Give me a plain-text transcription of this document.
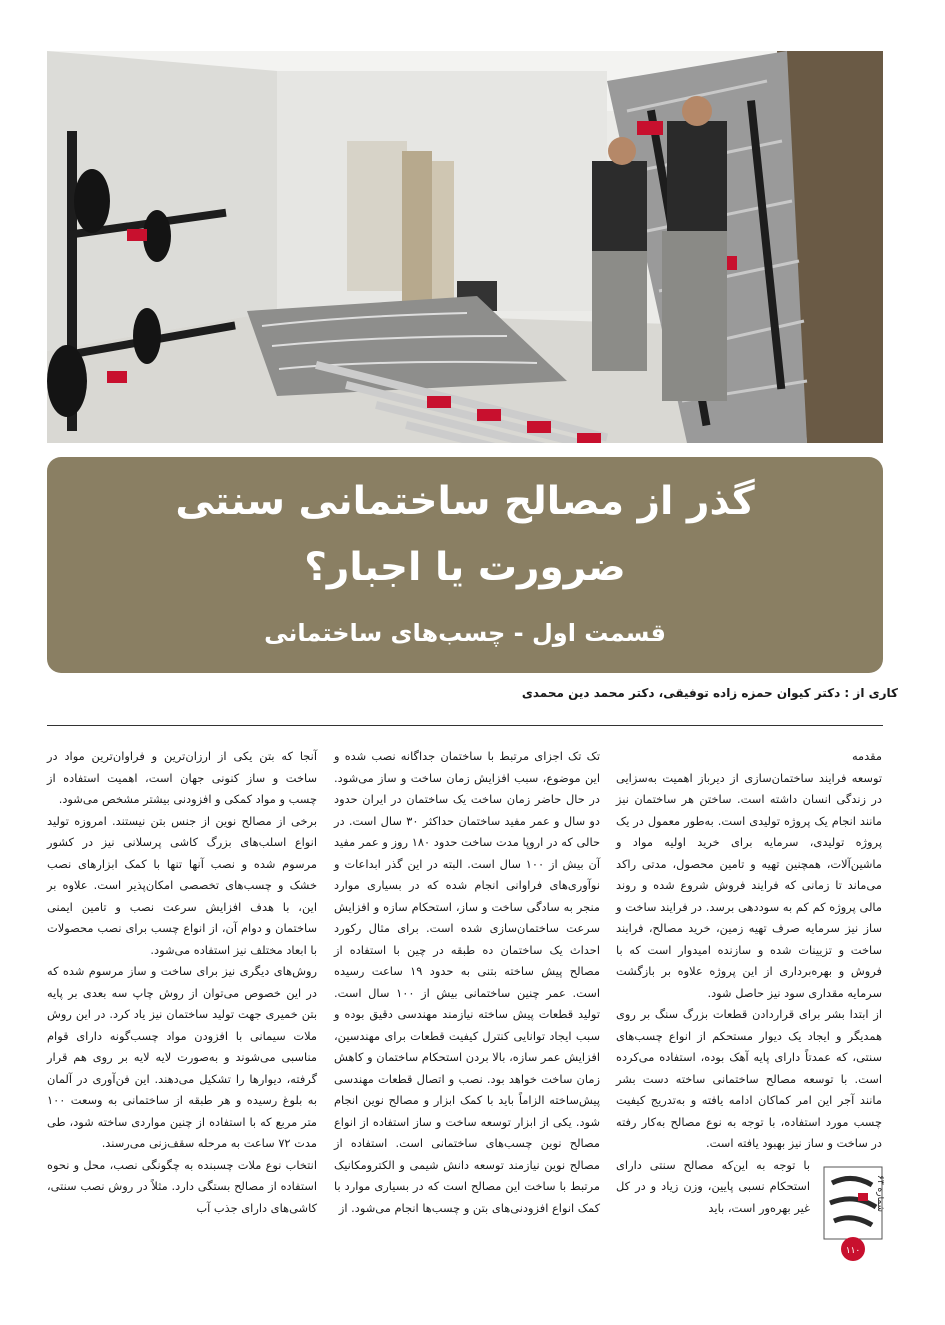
گذر از مصالح ساختمانی سنتی
ضرورت یا اجبار؟
قسمت اول - چسب‌های ساختمانی
کاری از : دکتر کیوان حمزه زاده توفیقی، دکتر محمد دین محمدی

مقدمه

توسعه فرایند ساختمان‌سازی از دیرباز اهمیت به‌سزایی در زندگی انسان داشته است. ساختن هر ساختمان نیز مانند انجام یک پروژه تولیدی است. به‌طور معمول در یک پروژه تولیدی، سرمایه برای خرید اولیه مواد و ماشین‌آلات، همچنین تهیه و تامین محصول، مدتی راکد می‌ماند تا زمانی که فرایند فروش شروع شده و روند مالی پروژه کم کم به سوددهی برسد. در فرایند ساخت و ساز نیز سرمایه صرف تهیه زمین، خرید مصالح، فرایند ساخت و تزیینات شده و سازنده امیدوار است که با فروش و بهره‌برداری از این پروژه علاوه بر بازگشت سرمایه مقداری سود نیز حاصل شود.

از ابتدا بشر برای قراردادن قطعات بزرگ سنگ بر روی همدیگر و ایجاد یک دیوار مستحکم از انواع چسب‌های سنتی، که عمدتاً دارای پایه آهک بوده، استفاده می‌کرده است. با توسعه مصالح ساختمانی ساخته دست بشر مانند آجر این امر کماکان ادامه یافته و به‌تدریج کیفیت چسب مورد استفاده، با توجه به نوع مصالح به‌کار رفته در ساخت و ساز نیز بهبود یافته است.

با توجه به این‌که مصالح سنتی دارای استحکام نسبی پایین، وزن زیاد و در کل غیر بهره‌ور است، باید

تک تک اجزای مرتبط با ساختمان جداگانه نصب شده و این موضوع، سبب افزایش زمان ساخت و ساز می‌شود. در حال حاضر زمان ساخت یک ساختمان در ایران حدود دو سال و عمر مفید ساختمان حداکثر ۳۰ سال است. در حالی که در اروپا مدت ساخت حدود ۱۸۰ روز و عمر مفید آن بیش از ۱۰۰ سال است. البته در این گذر ابداعات و نوآوری‌های فراوانی انجام شده که در بسیاری موارد منجر به سادگی ساخت و ساز، استحکام سازه و افزایش سرعت ساختمان‌سازی شده است. برای مثال رکورد احداث یک ساختمان ده طبقه در چین با استفاده از مصالح پیش ساخته بتنی به حدود ۱۹ ساعت رسیده است. عمر چنین ساختمانی بیش از ۱۰۰ سال است. تولید قطعات پیش ساخته نیازمند مهندسی دقیق بوده و سبب ایجاد توانایی کنترل کیفیت قطعات برای مهندسین، افزایش عمر سازه، بالا بردن استحکام ساختمان و کاهش زمان ساخت خواهد بود. نصب و اتصال قطعات مهندسی پیش‌ساخته الزاماً باید با کمک ابزار و مصالح نوین انجام شود. یکی از ابزار توسعه ساخت و ساز استفاده از انواع مصالح نوین چسب‌های ساختمانی است. استفاده از مصالح نوین نیازمند توسعه دانش شیمی و الکترومکانیک مرتبط با ساخت این مصالح است که در بسیاری موارد با کمک انواع افزودنی‌های بتن و چسب‌ها انجام می‌شود. از

آنجا که بتن یکی از ارزان‌ترین و فراوان‌ترین مواد در ساخت و ساز کنونی جهان است، اهمیت استفاده از چسب و مواد کمکی و افزودنی بیشتر مشخص می‌شود.

برخی از مصالح نوین از جنس بتن نیستند. امروزه تولید انواع اسلب‌های بزرگ کاشی پرسلانی نیز در کشور مرسوم شده و نصب آنها تنها با کمک ابزارهای نصب خشک و چسب‌های تخصصی امکان‌پذیر است. علاوه بر این، با هدف افزایش سرعت نصب و تامین ایمنی ساختمان و دوام آن، از انواع چسب برای نصب محصولات با ابعاد مختلف نیز استفاده می‌شود.

روش‌های دیگری نیز برای ساخت و ساز مرسوم شده که در این خصوص می‌توان از روش چاپ سه بعدی بر پایه بتن خمیری جهت تولید ساختمان نیز یاد کرد. در این روش ملات سیمانی با افزودن مواد چسب‌گونه دارای قوام مناسبی می‌شوند و به‌صورت لایه لایه بر روی هم قرار گرفته، دیوارها را تشکیل می‌دهند. این فن‌آوری در آلمان به بلوغ رسیده و هر طبقه از ساختمانی به وسعت ۱۰۰ متر مربع که با استفاده از چنین مواردی ساخته شود، طی مدت ۷۲ ساعت به مرحله سقف‌زنی می‌رسند.

انتخاب نوع ملات چسبنده به چگونگی نصب، محل و نحوه استفاده از مصالح بستگی دارد. مثلاً در روش نصب سنتی، کاشی‌های دارای جذب آب

شماره ۶۳
۱۱۰
